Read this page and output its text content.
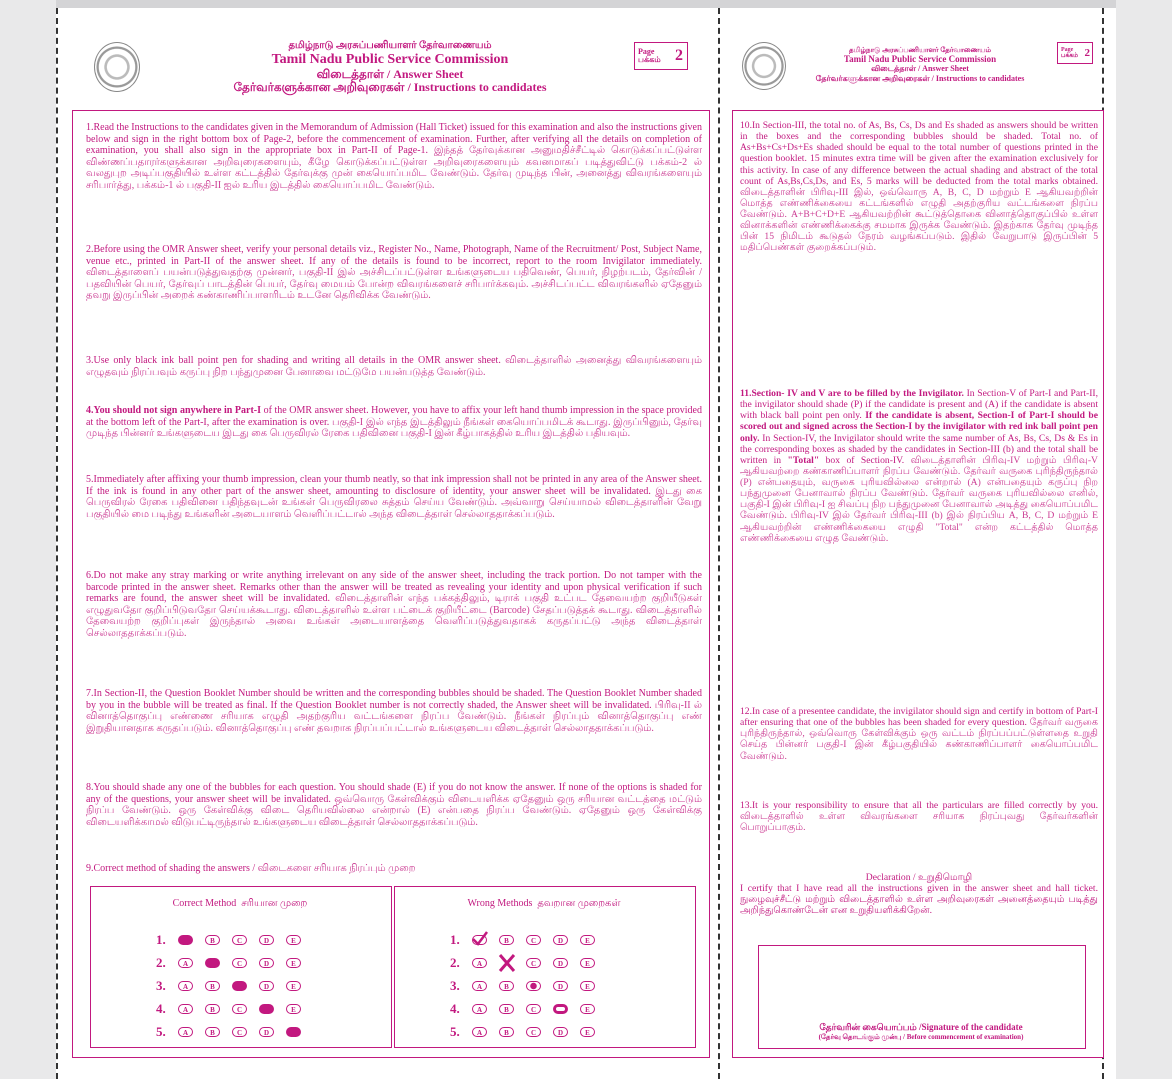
தமிழ்நாடு அரசுப்பணியாளர் தேர்வாணையம்
Tamil Nadu Public Service Commission
விடைத்தாள் / Answer Sheet
தேர்வர்களுக்கான அறிவுரைகள் / Instructions to candidates
Page பக்கம் 2
1.Read the Instructions to the candidates given in the Memorandum of Admission (Hall Ticket) issued for this examination and also the instructions given below and sign in the right bottom box of Page-2, before the commencement of examination. Further, after verifying all the details on completion of examination, you shall also sign in the appropriate box in Part-II of Page-1. இந்தத் தேர்வுக்கான அனுமதிச்சீட்டில் கொடுக்கப்பட்டுள்ள விண்ணப்பதாரர்களுக்கான அறிவுரைகளையும், கீழே கொடுக்கப்பட்டுள்ள அறிவுரைகளையும் கவனமாகப் படித்துவிட்டு பக்கம்-2 ல் வலதுபுற அடிப்பகுதியில் உள்ள கட்டத்தில் தேர்வுக்கு முன் கையொப்பமிட வேண்டும். தேர்வு முடிந்த பின், அனைத்து விவரங்களையும் சரிபார்த்து, பக்கம்-1 ல் பகுதி-II ஐல் உரிய இடத்தில் கையொப்பமிட வேண்டும்.
2.Before using the OMR Answer sheet, verify your personal details viz., Register No., Name, Photograph, Name of the Recruitment/ Post, Subject Name, venue etc., printed in Part-II of the answer sheet. If any of the details is found to be incorrect, report to the room Invigilator immediately. விடைத்தாளைப் பயன்படுத்துவதற்கு முன்னர், பகுதி-II இல் அச்சிடப்பட்டுள்ள உங்களுடைய பதிவெண், பெயர், நிழற்படம், தேர்வின் / பதவியின் பெயர், தேர்வுப் பாடத்தின் பெயர், தேர்வு மையம் போன்ற விவரங்களைச் சரிபார்க்கவும். அச்சிடப்பட்ட விவரங்களில் ஏதேனும் தவறு இருப்பின் அறைக் கண்காணிப்பாளரிடம் உடனே தெரிவிக்க வேண்டும்.
3.Use only black ink ball point pen for shading and writing all details in the OMR answer sheet. விடைத்தாளில் அனைத்து விவரங்களையும் எழுதவும் நிரப்பவும் கருப்பு நிற பந்துமுனை பேனாவை மட்டுமே பயன்படுத்த வேண்டும்.
4.You should not sign anywhere in Part-I of the OMR answer sheet. However, you have to affix your left hand thumb impression in the space provided at the bottom left of the Part-I, after the examination is over. பகுதி-I இல் எந்த இடத்திலும் நீங்கள் கையொப்பமிடக் கூடாது. இருப்பினும், தேர்வு முடிந்த பின்னர் உங்களுடைய இடது கை பெருவிரல் ரேகை பதிவினை பகுதி-I இன் கீழ்பாகத்தில் உரிய இடத்தில் பதியவும்.
5.Immediately after affixing your thumb impression, clean your thumb neatly, so that ink impression shall not be printed in any area of the Answer sheet. If the ink is found in any other part of the answer sheet, amounting to disclosure of identity, your answer sheet will be invalidated. இடது கை பெருவிரல் ரேகை பதிவினை பதிந்தவுடன் உங்கள் பெருவிரலை சுத்தம் செய்ய வேண்டும். அவ்வாறு செய்யாமல் விடைத்தாளின் வேறு பகுதியில் மை படிந்து உங்களின் அடையாளம் வெளிப்பட்டால் அந்த விடைத்தாள் செல்லாததாக்கப்படும்.
6.Do not make any stray marking or write anything irrelevant on any side of the answer sheet, including the track portion. Do not tamper with the barcode printed in the answer sheet. Remarks other than the answer will be treated as revealing your identity and upon physical verification if such remarks are found, the answer sheet will be invalidated. விடைத்தாளின் எந்த பக்கத்திலும், டிராக் பகுதி உட்பட தேவையற்ற குறியீடுகள் எழுதுவதோ குறிப்பிடுவதோ செய்யக்கூடாது. விடைத்தாளில் உள்ள பட்டைக் குறியீட்டை (Barcode) சேதப்படுத்தக் கூடாது. விடைத்தாளில் தேவையற்ற குறிப்புகள் இருந்தால் அவை உங்கள் அடையாளத்தை வெளிப்படுத்துவதாகக் கருதப்பட்டு அந்த விடைத்தாள் செல்லாததாக்கப்படும்.
7.In Section-II, the Question Booklet Number should be written and the corresponding bubbles should be shaded. The Question Booklet Number shaded by you in the bubble will be treated as final. If the Question Booklet number is not correctly shaded, the Answer sheet will be invalidated. பிரிவு-II ல் வினாத்தொகுப்பு எண்ணை சரியாக எழுதி அதற்குரிய வட்டங்களை நிரப்ப வேண்டும். நீங்கள் நிரப்பும் வினாத்தொகுப்பு எண் இறுதியானதாக கருதப்படும். வினாத்தொகுப்பு எண் தவறாக நிரப்பப்பட்டால் உங்களுடைய விடைத்தாள் செல்லாததாக்கப்படும்.
8.You should shade any one of the bubbles for each question. You should shade (E) if you do not know the answer. If none of the options is shaded for any of the questions, your answer sheet will be invalidated. ஒவ்வொரு கேள்விக்கும் விடையளிக்க ஏதேனும் ஒரு சரியான வட்டத்தை மட்டும் நிரப்ப வேண்டும். ஒரு கேள்விக்கு விடை தெரியவில்லை என்றால் (E) என்பதை நிரப்ப வேண்டும். ஏதேனும் ஒரு கேள்விக்கு விடையளிக்காமல் விடுபட்டிருந்தால் உங்களுடைய விடைத்தாள் செல்லாததாக்கப்படும்.
9.Correct method of shading the answers / விடைகளை சரியாக நிரப்பும் முறை
Correct Method சரியான முறை	Wrong Methods தவறான முறைகள்
1.	B	C	D	E
2.	A	C	D	E
3.	A	B	D	E
4.	A	B	C	E
5.	A	B	C	D
1.	B	C	D	E
2.	A	C	D	E
3.	A	B	D	E
4.	A	B	C	E
5.	A	B	C	D	E
தமிழ்நாடு அரசுப்பணியாளர் தேர்வாணையம்
Tamil Nadu Public Service Commission
விடைத்தாள் / Answer Sheet
தேர்வர்களுக்கான அறிவுரைகள் / Instructions to candidates
Page பக்கம் 2
10.In Section-III, the total no. of As, Bs, Cs, Ds and Es shaded as answers should be written in the boxes and the corresponding bubbles should be shaded. Total no. of As+Bs+Cs+Ds+Es shaded should be equal to the total number of questions printed in the question booklet. 15 minutes extra time will be given after the examination exclusively for this activity. In case of any difference between the actual shading and abstract of the total count of As,Bs,Cs,Ds, and Es, 5 marks will be deducted from the total marks obtained. விடைத்தாளின் பிரிவு-III இல், ஒவ்வொரு A, B, C, D மற்றும் E ஆகியவற்றின் மொத்த எண்ணிக்கையை கட்டங்களில் எழுதி அதற்குரிய வட்டங்களை நிரப்ப வேண்டும். A+B+C+D+E ஆகியவற்றின் கூட்டுத்தொகை வினாத்தொகுப்பில் உள்ள வினாக்களின் எண்ணிக்கைக்கு சமமாக இருக்க வேண்டும். இதற்காக தேர்வு முடிந்த பின் 15 நிமிடம் கூடுதல் நேரம் வழங்கப்படும். இதில் வேறுபாடு இருப்பின் 5 மதிப்பெண்கள் குறைக்கப்படும்.
11.Section- IV and V are to be filled by the Invigilator. In Section-V of Part-I and Part-II, the invigilator should shade (P) if the candidate is present and (A) if the candidate is absent with black ball point pen only. If the candidate is absent, Section-I of Part-I should be scored out and signed across the Section-I by the invigilator with red ink ball point pen only. In Section-IV, the Invigilator should write the same number of As, Bs, Cs, Ds & Es in the corresponding boxes as shaded by the candidates in Section-III (b) and the total shall be written in "Total" box of Section-IV. விடைத்தாளின் பிரிவு-IV மற்றும் பிரிவு-V ஆகியவற்றை கண்காணிப்பாளர் நிரப்ப வேண்டும். தேர்வர் வருகை புரிந்திருந்தால் (P) என்பதையும், வருகை புரியவில்லை என்றால் (A) என்பதையும் கருப்பு நிற பந்துமுனை பேனாவால் நிரப்ப வேண்டும். தேர்வர் வருகை புரியவில்லை எனில், பகுதி-I இன் பிரிவு-I ஐ சிவப்பு நிற பந்துமுனை பேனாவால் அடித்து கையொப்பமிட வேண்டும். பிரிவு-IV இல் தேர்வர் பிரிவு-III (b) இல் நிரப்பிய A, B, C, D மற்றும் E ஆகியவற்றின் எண்ணிக்கையை எழுதி "Total" என்ற கட்டத்தில் மொத்த எண்ணிக்கையை எழுத வேண்டும்.
12.In case of a presentee candidate, the invigilator should sign and certify in bottom of Part-I after ensuring that one of the bubbles has been shaded for every question. தேர்வர் வருகை புரிந்திருந்தால், ஒவ்வொரு கேள்விக்கும் ஒரு வட்டம் நிரப்பப்பட்டுள்ளதை உறுதி செய்த பின்னர் பகுதி-I இன் கீழ்பகுதியில் கண்காணிப்பாளர் கையொப்பமிட வேண்டும்.
13.It is your responsibility to ensure that all the particulars are filled correctly by you. விடைத்தாளில் உள்ள விவரங்களை சரியாக நிரப்புவது தேர்வர்களின் பொறுப்பாகும்.
Declaration / உறுதிமொழி
I certify that I have read all the instructions given in the answer sheet and hall ticket. நுழைவுச்சீட்டு மற்றும் விடைத்தாளில் உள்ள அறிவுரைகள் அனைத்தையும் படித்து அறிந்துகொண்டேன் என உறுதியளிக்கிறேன்.
தேர்வரின் கையொப்பம் /Signature of the candidate
(தேர்வு தொடங்கும் முன்பு / Before commencement of examination)
